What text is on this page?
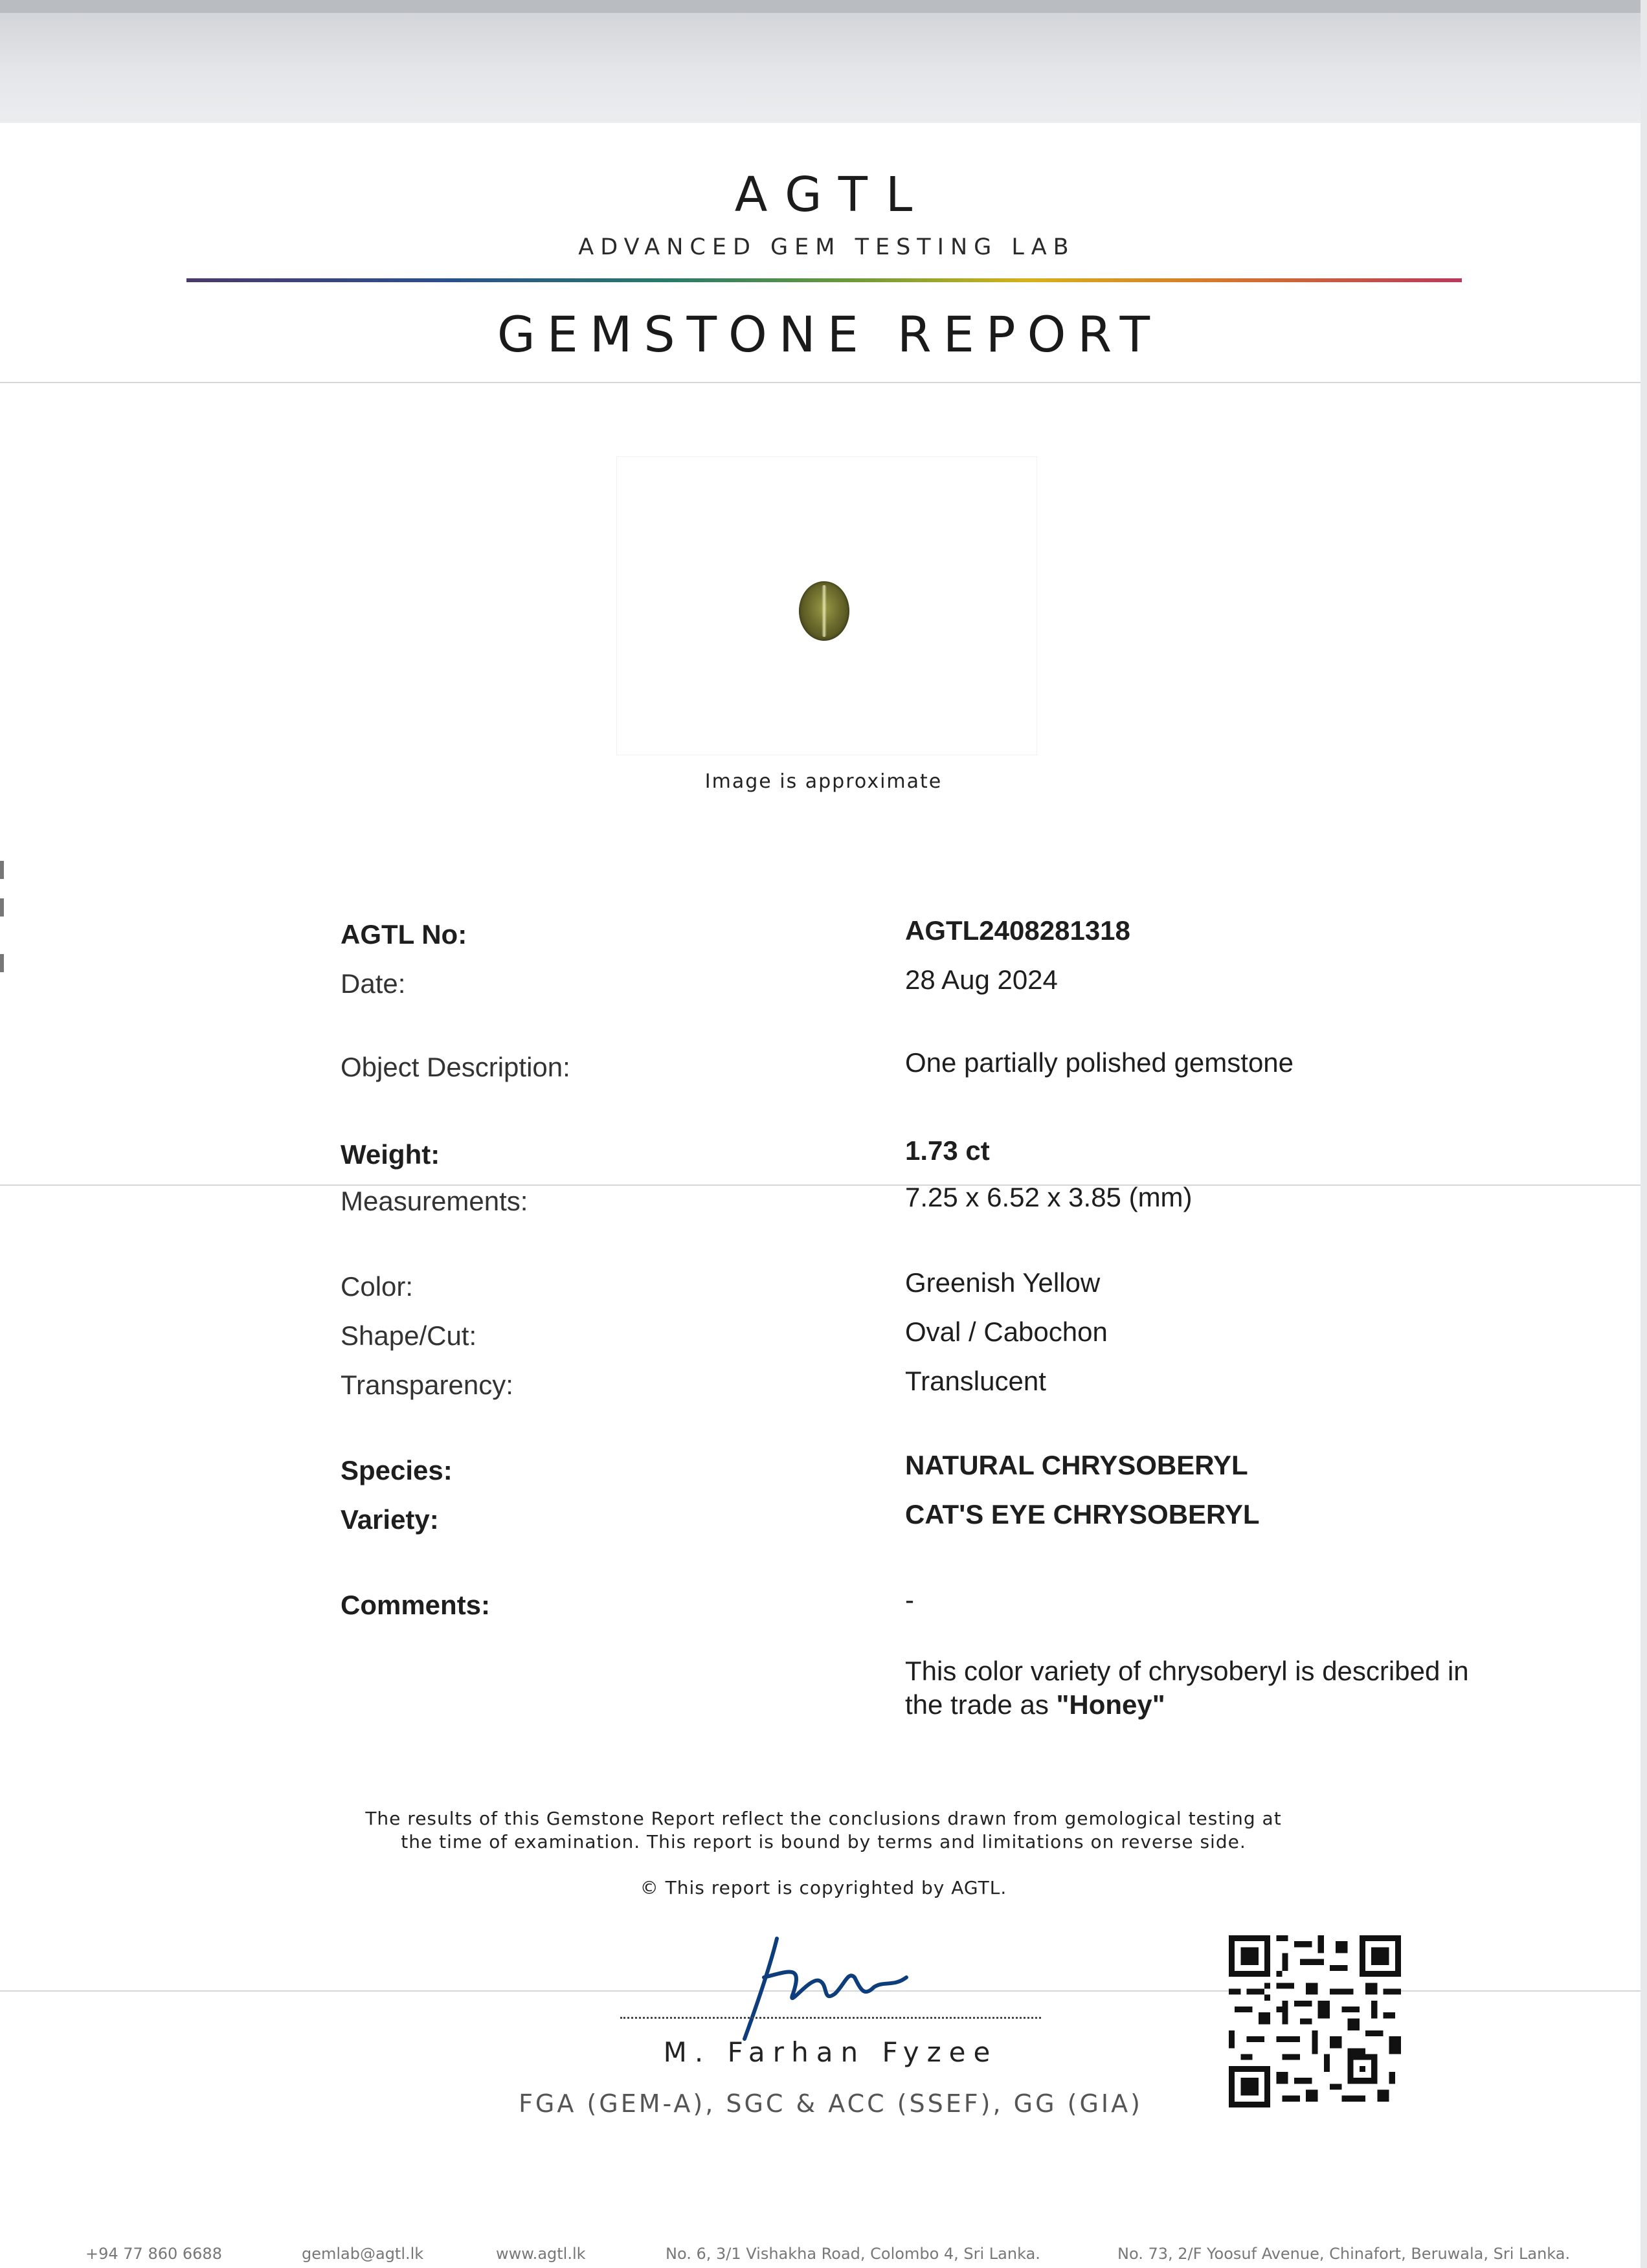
AGTL
ADVANCED GEM TESTING LAB
GEMSTONE REPORT
Image is approximate
AGTL No:	AGTL2408281318
Date:	28 Aug 2024
Object Description:	One partially polished gemstone
Weight:	1.73 ct
Measurements:	7.25 x 6.52 x 3.85 (mm)
Color:	Greenish Yellow
Shape/Cut:	Oval / Cabochon
Transparency:	Translucent
Species:	NATURAL CHRYSOBERYL
Variety:	CAT'S EYE CHRYSOBERYL
Comments:	-
This color variety of chrysoberyl is described in the trade as "Honey"
The results of this Gemstone Report reflect the conclusions drawn from gemological testing at
the time of examination. This report is bound by terms and limitations on reverse side.
© This report is copyrighted by AGTL.
M. Farhan Fyzee
FGA (GEM-A), SGC & ACC (SSEF), GG (GIA)
+94 77 860 6688	gemlab@agtl.lk	www.agtl.lk	No. 6, 3/1 Vishakha Road, Colombo 4, Sri Lanka.	No. 73, 2/F Yoosuf Avenue, Chinafort, Beruwala, Sri Lanka.
